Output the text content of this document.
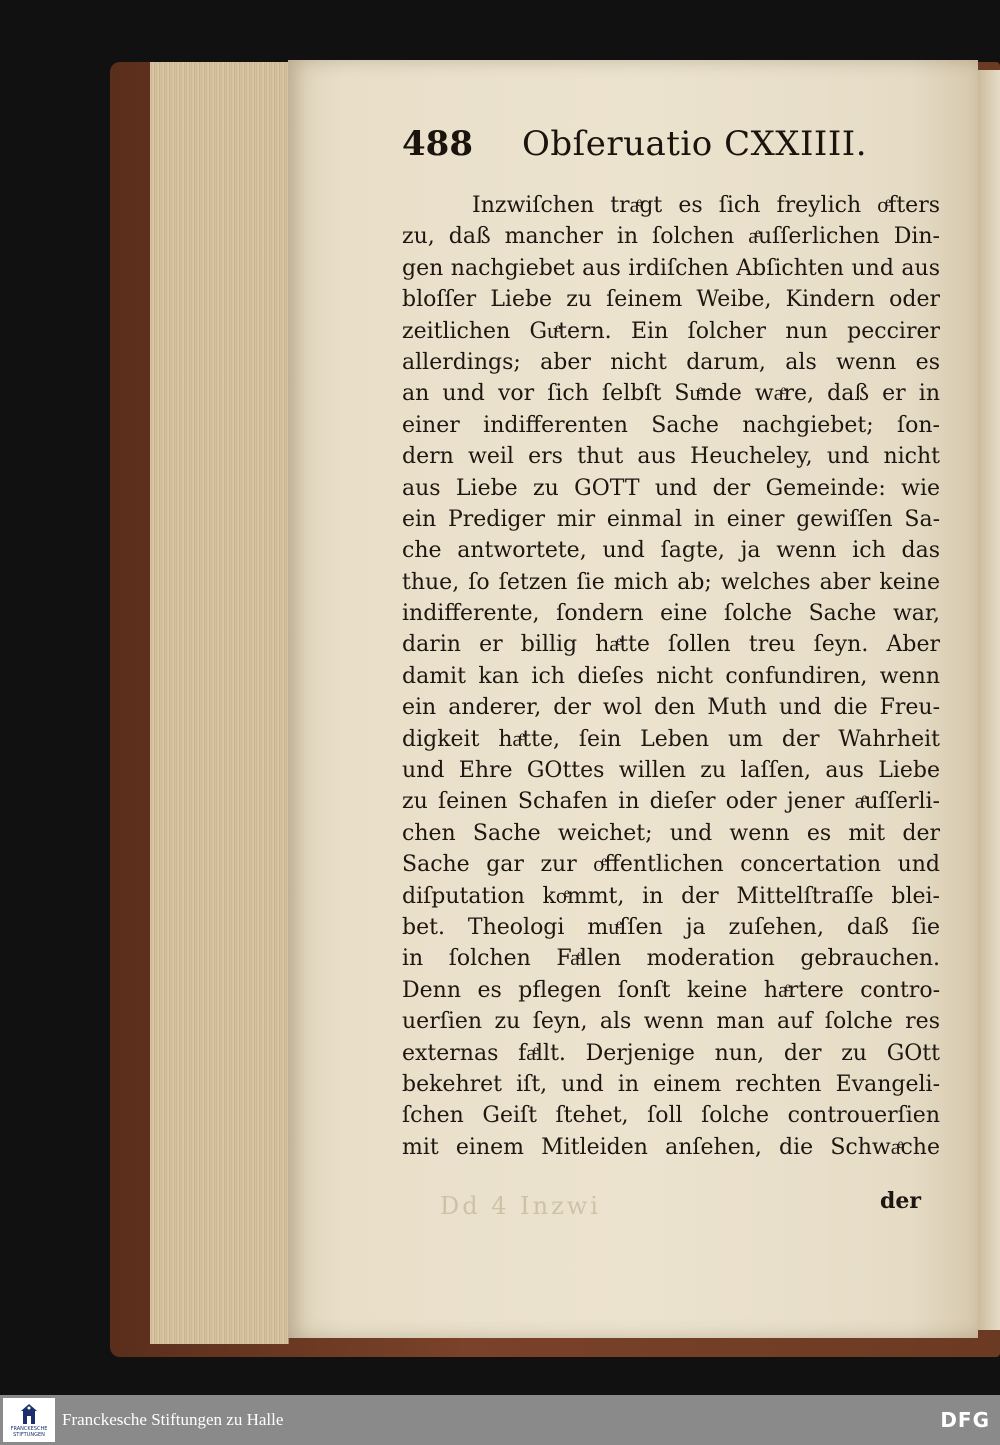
488 Obſeruatio CXXIIII.
Inzwiſchen traͤgt es ſich freylich oͤfters
zu, daß mancher in ſolchen aͤuſſerlichen Din-
gen nachgiebet aus irdiſchen Abſichten und aus
bloſſer Liebe zu ſeinem Weibe, Kindern oder
zeitlichen Guͤtern. Ein ſolcher nun peccirer
allerdings; aber nicht darum, als wenn es
an und vor ſich ſelbſt Suͤnde waͤre, daß er in
einer indifferenten Sache nachgiebet; ſon-
dern weil ers thut aus Heucheley, und nicht
aus Liebe zu GOTT und der Gemeinde: wie
ein Prediger mir einmal in einer gewiſſen Sa-
che antwortete, und ſagte, ja wenn ich das
thue, ſo ſetzen ſie mich ab; welches aber keine
indifferente, ſondern eine ſolche Sache war,
darin er billig haͤtte ſollen treu ſeyn. Aber
damit kan ich dieſes nicht confundiren, wenn
ein anderer, der wol den Muth und die Freu-
digkeit haͤtte, ſein Leben um der Wahrheit
und Ehre GOttes willen zu laſſen, aus Liebe
zu ſeinen Schafen in dieſer oder jener aͤuſſerli-
chen Sache weichet; und wenn es mit der
Sache gar zur oͤffentlichen concertation und
diſputation koͤmmt, in der Mittelſtraſſe blei-
bet. Theologi muͤſſen ja zuſehen, daß ſie
in ſolchen Faͤllen moderation gebrauchen.
Denn es pflegen ſonſt keine haͤrtere contro-
uerſien zu ſeyn, als wenn man auf ſolche res
externas faͤllt. Derjenige nun, der zu GOtt
bekehret iſt, und in einem rechten Evangeli-
ſchen Geiſt ſtehet, ſoll ſolche controuerſien
mit einem Mitleiden anſehen, die Schwaͤche
Dd 4 Inzwi	der
FRANCKESCHE
STIFTUNGEN
Franckesche Stiftungen zu Halle	DFG
